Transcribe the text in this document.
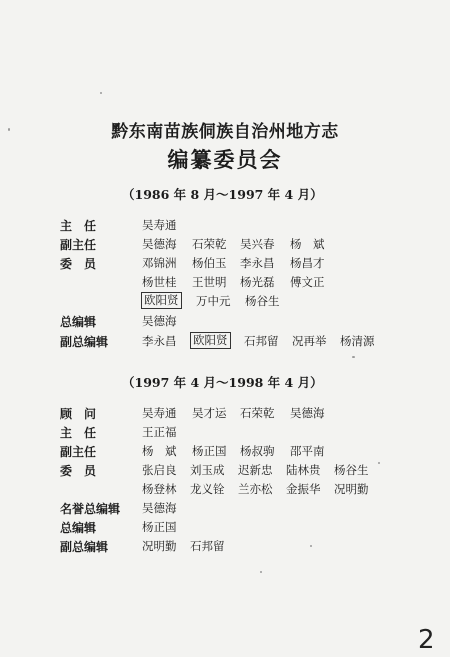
黔东南苗族侗族自治州地方志
编纂委员会
（1986 年 8 月～1997 年 4 月）
主　任	吴寿通
副主任	吴德海 石荣乾 吴兴春 杨　斌
委　员	邓锦洲 杨伯玉 李永昌 杨昌才
杨世桂 王世明 杨光磊 傅文正
欧阳贤 万中元 杨谷生
总编辑	吴德海
副总编辑	李永昌 欧阳贤 石邦留 况再举 杨清源
（1997 年 4 月～1998 年 4 月）
顾　问	吴寿通 吴才运 石荣乾 吴德海
主　任	王正福
副主任	杨　斌 杨正国 杨叔驹 邵平南
委　员	张启良 刘玉成 迟新忠 陆林贵 杨谷生
杨登林 龙义铨 兰亦松 金振华 况明勤
名誉总编辑	吴德海
总编辑	杨正国
副总编辑	况明勤 石邦留
2
